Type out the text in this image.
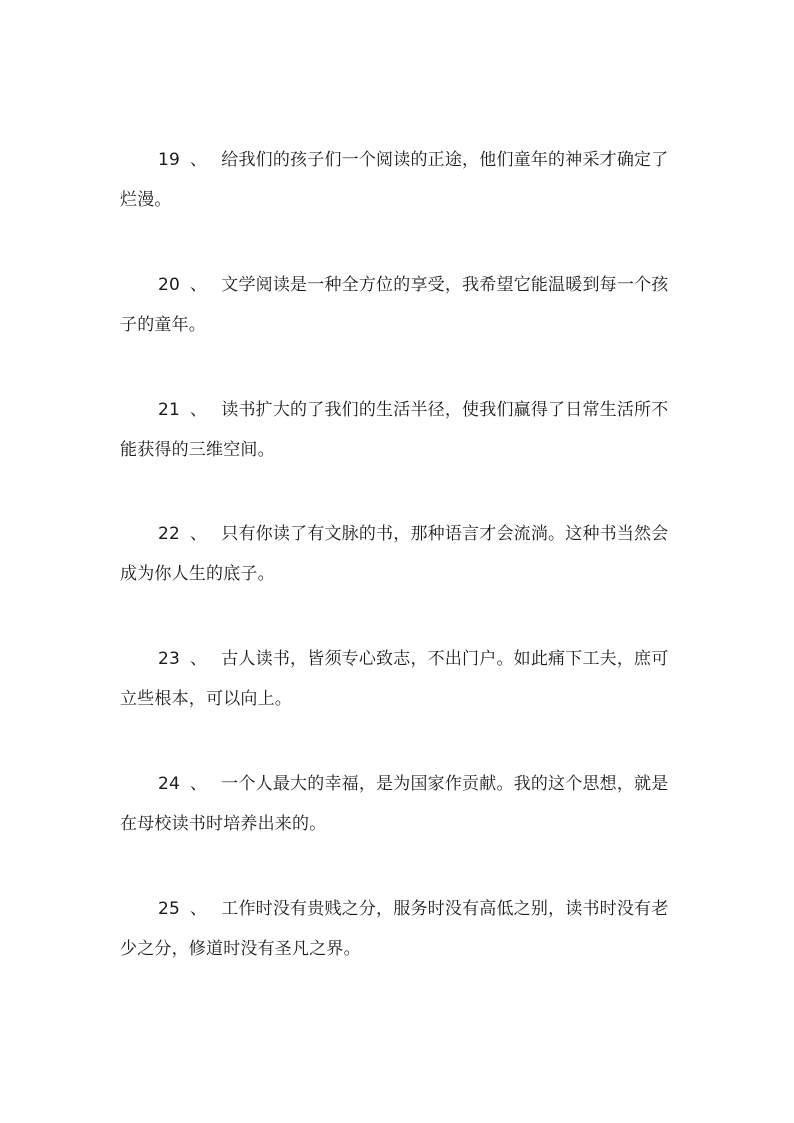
19 、 给我们的孩子们一个阅读的正途，他们童年的神采才确定了烂漫。

20 、 文学阅读是一种全方位的享受，我希望它能温暖到每一个孩子的童年。

21 、 读书扩大的了我们的生活半径，使我们赢得了日常生活所不能获得的三维空间。

22 、 只有你读了有文脉的书，那种语言才会流淌。这种书当然会成为你人生的底子。

23 、 古人读书，皆须专心致志，不出门户。如此痛下工夫，庶可立些根本，可以向上。

24 、 一个人最大的幸福，是为国家作贡献。我的这个思想，就是在母校读书时培养出来的。

25 、 工作时没有贵贱之分，服务时没有高低之别，读书时没有老少之分，修道时没有圣凡之界。
